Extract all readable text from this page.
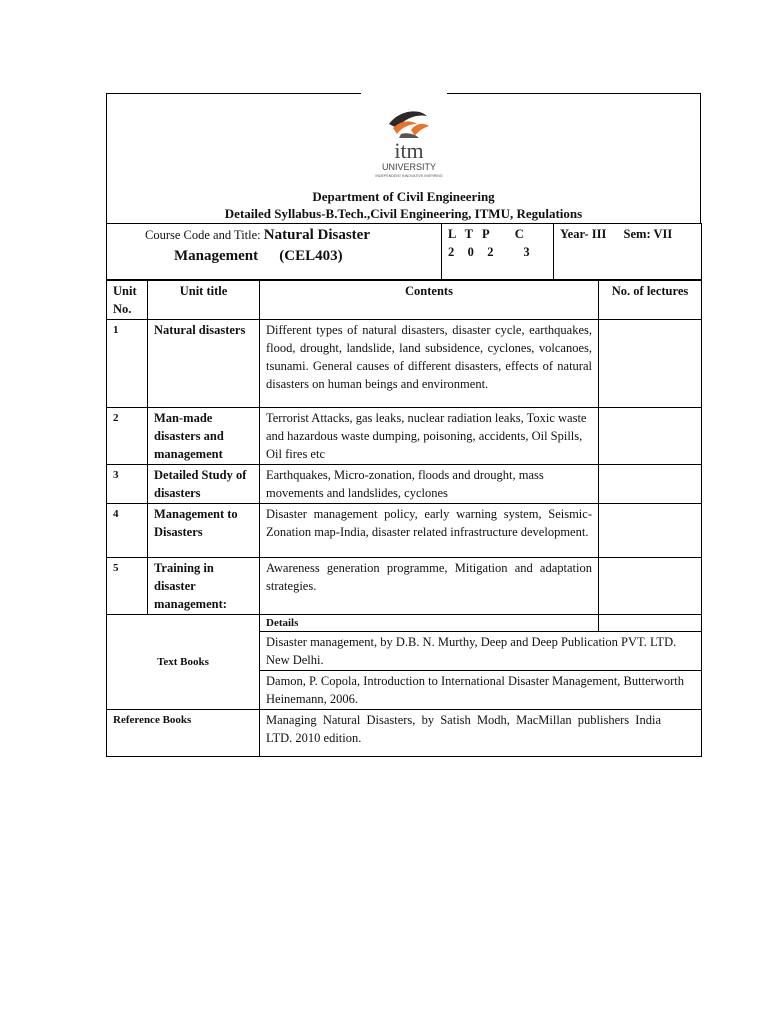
itm
UNIVERSITY
INDEPENDENT INNOVATIVE INSPIRING
Department of Civil Engineering
Detailed Syllabus-B.Tech.,Civil Engineering, ITMU, Regulations
Course Code and Title: Natural Disaster
Management (CEL403)

L  T  P      C
2   0   2       3
	Year- III Sem: VII
Unit No.	Unit title	Contents	No. of lectures
1	Natural disasters	Different types of natural disasters, disaster cycle, earthquakes, flood, drought, landslide, land subsidence, cyclones, volcanoes, tsunami. General causes of different disasters, effects of natural disasters on human beings and environment.	
2	Man-made disasters and management	Terrorist Attacks, gas leaks, nuclear radiation leaks, Toxic waste and hazardous waste dumping, poisoning, accidents, Oil Spills, Oil fires etc	
3	Detailed Study of disasters	Earthquakes, Micro-zonation, floods and drought, mass movements and landslides, cyclones	
4	Management to Disasters	Disaster management policy, early warning system, Seismic-Zonation map-India, disaster related infrastructure development.	
5	Training in disaster management:	Awareness generation programme, Mitigation and adaptation strategies.	
Text Books		Details	
		Disaster management, by D.B. N. Murthy, Deep and Deep Publication PVT. LTD. New Delhi.	
		Damon, P. Copola, Introduction to International Disaster Management, Butterworth Heinemann, 2006.	
Reference Books		Managing Natural Disasters, by Satish Modh, MacMillan publishers India LTD. 2010 edition.	
